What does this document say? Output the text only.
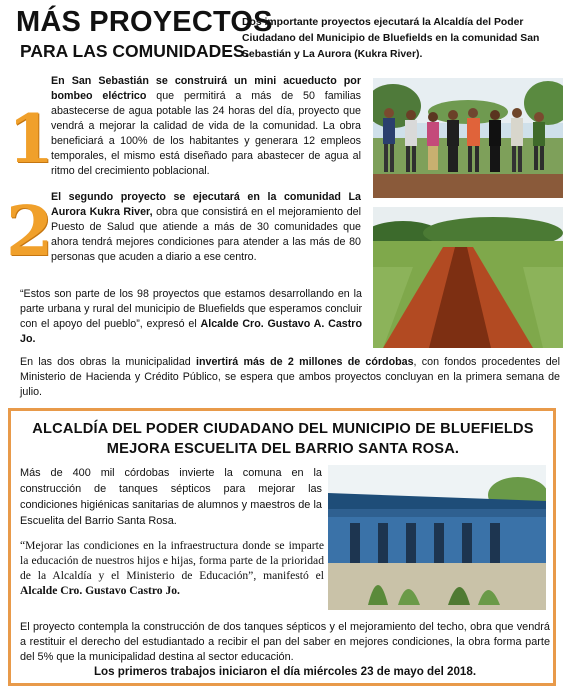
MÁS PROYECTOS
PARA LAS COMUNIDADES.
Dos importante proyectos ejecutará la Alcaldía del Poder Ciudadano del Municipio de Bluefields en la comunidad San Sebastián y La Aurora (Kukra River).
1
En San Sebastián se construirá un mini acueducto por bombeo eléctrico que permitirá a más de 50 familias abastecerse de agua potable las 24 horas del día, proyecto que vendrá a mejorar la calidad de vida de la comunidad. La obra beneficiará a 100% de los habitantes y generara 12 empleos temporales, el mismo está diseñado para abastecer de agua al ritmo del crecimiento poblacional.
2
El segundo proyecto se ejecutará en la comunidad La Aurora Kukra River, obra que consistirá en el mejoramiento del Puesto de Salud que atiende a más de 30 comunidades que ahora tendrá mejores condiciones para atender a las más de 80 personas que acuden a diario a ese centro.
“Estos son parte de los 98 proyectos que estamos desarrollando en la parte urbana y rural del municipio de Bluefields que esperamos concluir con el apoyo del pueblo”, expresó el Alcalde Cro. Gustavo A. Castro Jo.
En las dos obras la municipalidad invertirá más de 2 millones de córdobas, con fondos procedentes del Ministerio de Hacienda y Crédito Público, se espera que ambos proyectos concluyan en la primera semana de julio.
ALCALDÍA DEL PODER CIUDADANO DEL MUNICIPIO DE BLUEFIELDS MEJORA ESCUELITA DEL BARRIO SANTA ROSA.
Más de 400 mil córdobas invierte la comuna en la construcción de tanques sépticos para mejorar las condiciones higiénicas sanitarias de alumnos y maestros de la Escuelita del Barrio Santa Rosa.
“Mejorar las condiciones en la infraestructura donde se imparte la educación de nuestros hijos e hijas, forma parte de la prioridad de la Alcaldía y el Ministerio de Educación”, manifestó el Alcalde Cro. Gustavo Castro Jo.
El proyecto contempla la construcción de dos tanques sépticos y el mejoramiento del techo, obra que vendrá a restituir el derecho del estudiantado a recibir el pan del saber en mejores condiciones, la obra forma parte del 5% que la municipalidad destina al sector educación.
Los primeros trabajos iniciaron el día miércoles 23 de mayo del 2018.
